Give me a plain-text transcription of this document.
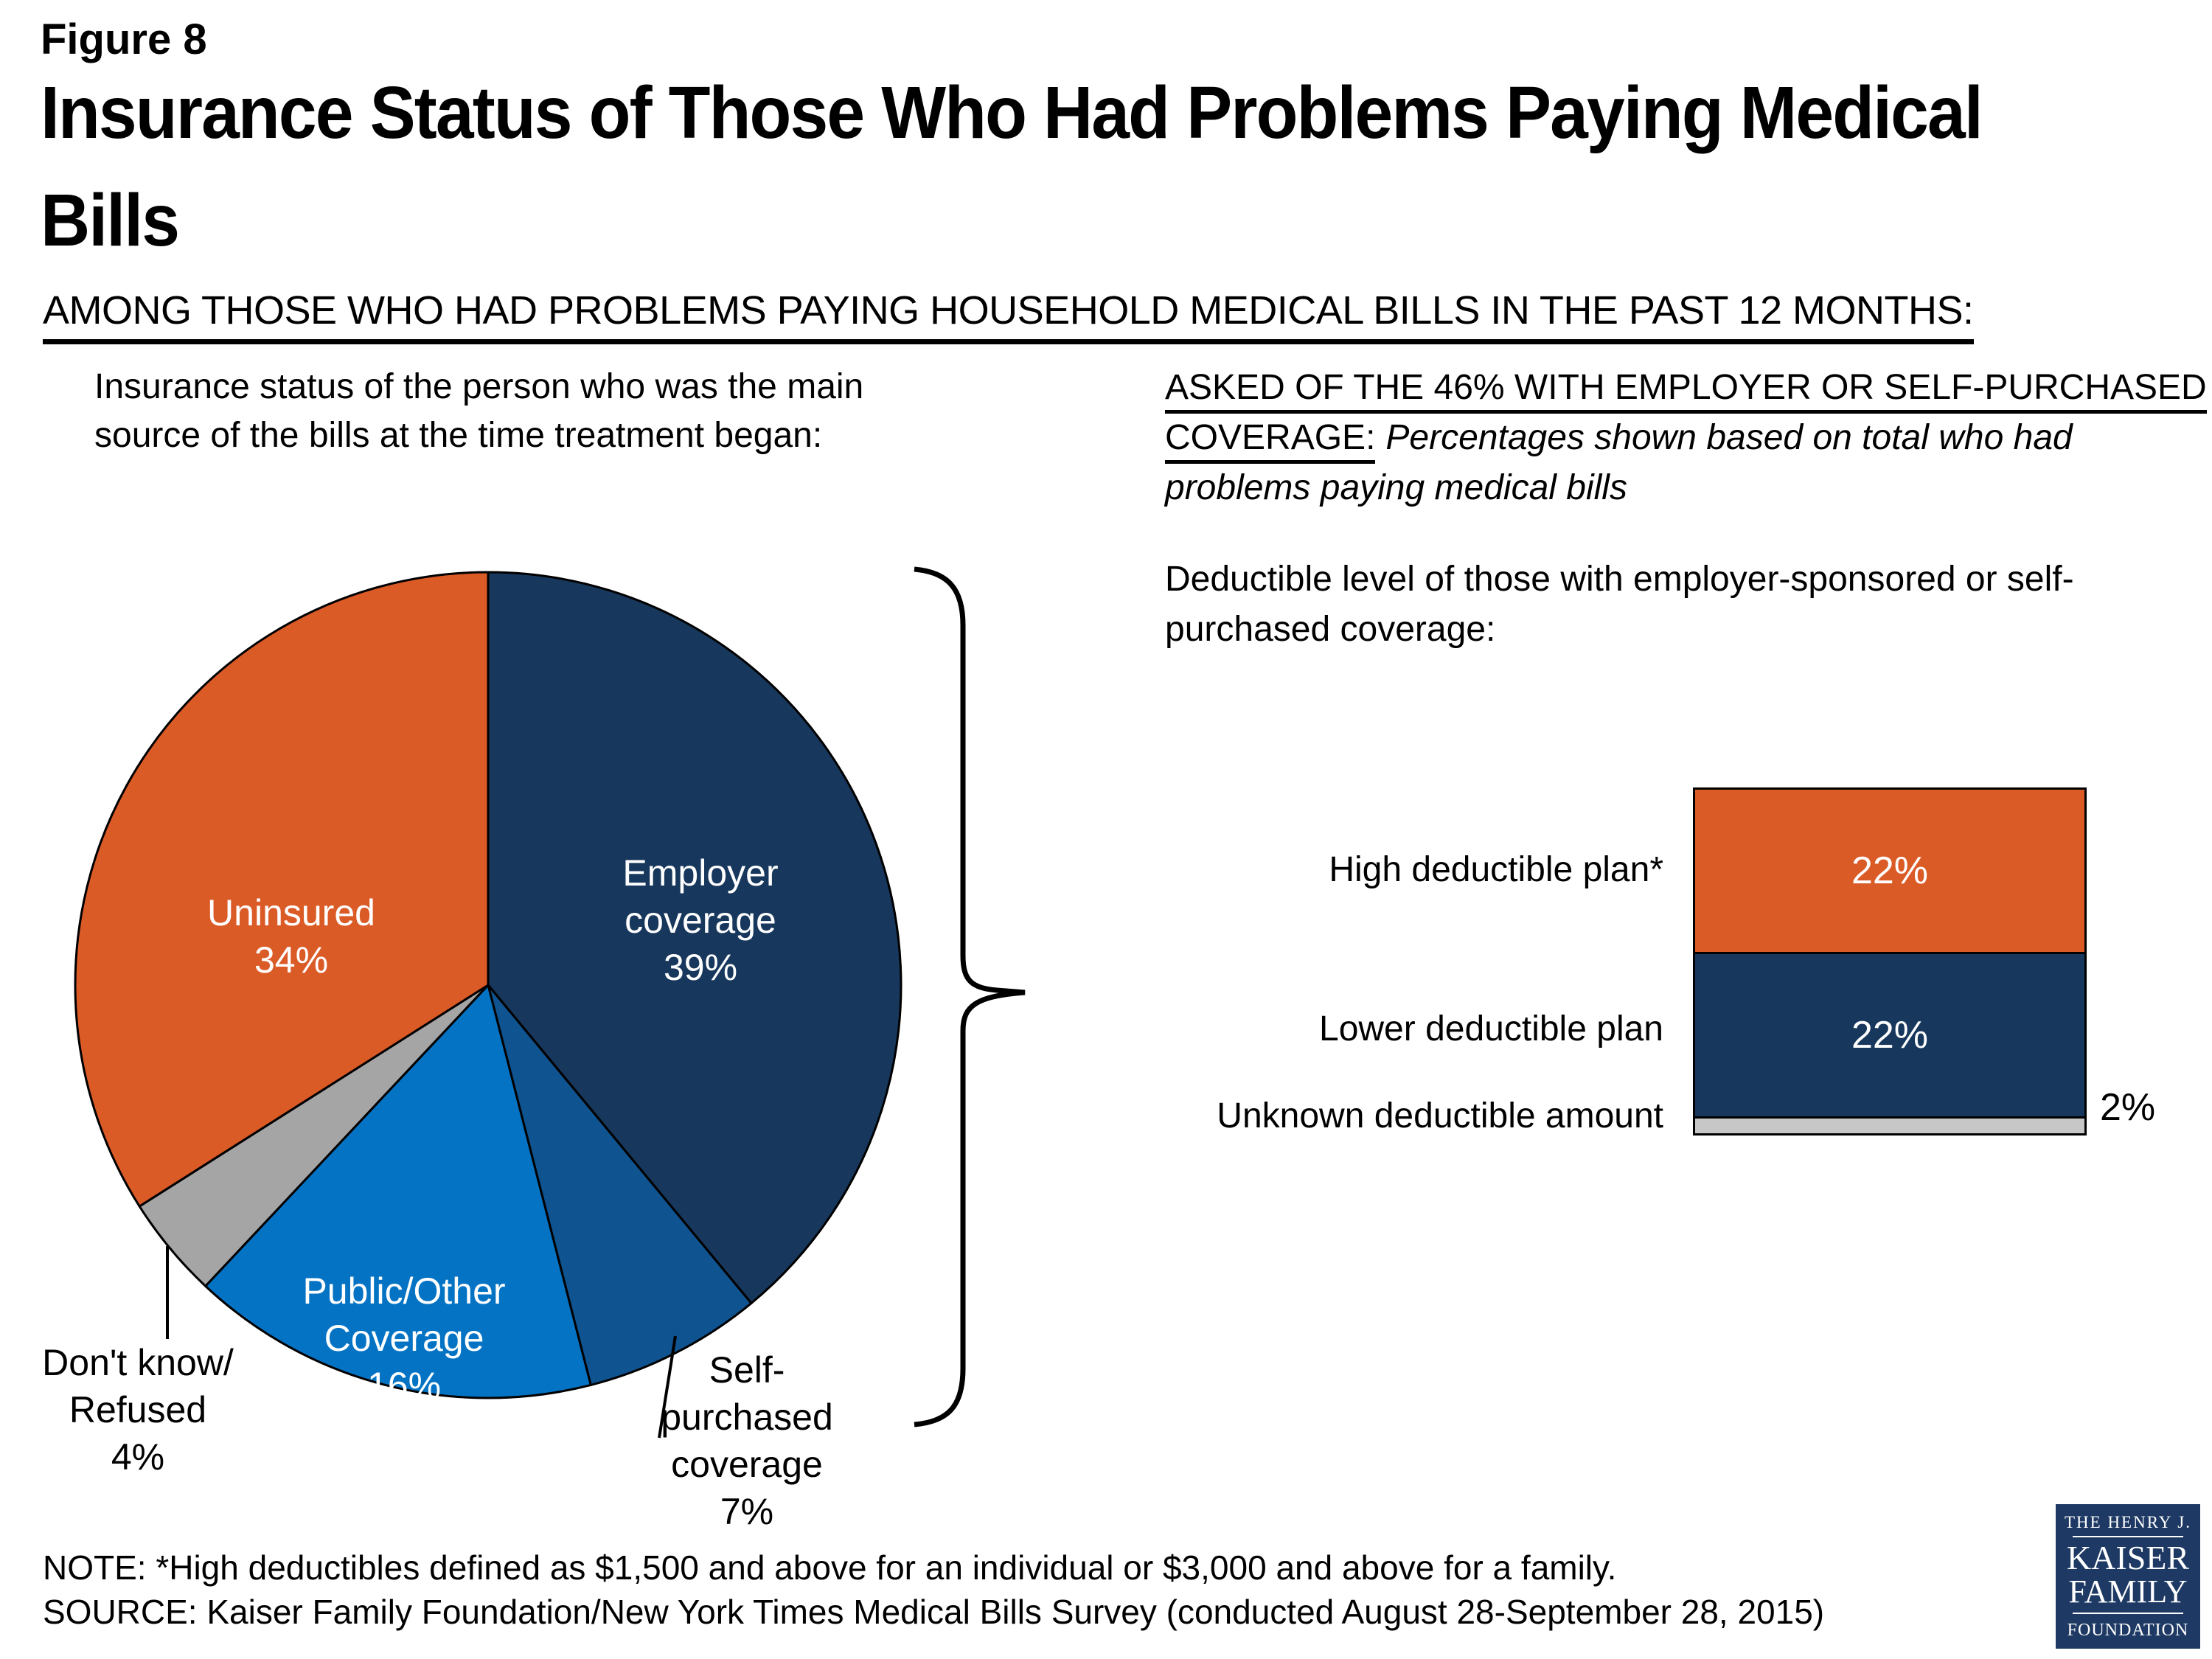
Figure 8
Insurance Status of Those Who Had Problems Paying Medical
Bills
AMONG THOSE WHO HAD PROBLEMS PAYING HOUSEHOLD MEDICAL BILLS IN THE PAST 12 MONTHS:
Insurance status of the person who was the main
source of the bills at the time treatment began:
ASKED OF THE 46% WITH EMPLOYER OR SELF-PURCHASED
COVERAGE: Percentages shown based on total who had
problems paying medical bills
Deductible level of those with employer-sponsored or self-
purchased coverage:
Employer
coverage
39%
Uninsured
34%
Public/Other
Coverage
16%
Don't know/
Refused
4%
Self-
purchased
coverage
7%
22%
22%
High deductible plan*
Lower deductible plan
Unknown deductible amount	2%
NOTE: *High deductibles defined as $1,500 and above for an individual or $3,000 and above for a family.
SOURCE: Kaiser Family Foundation/New York Times Medical Bills Survey (conducted August 28-September 28, 2015)
THE HENRY J.
KAISER
FAMILY
FOUNDATION
